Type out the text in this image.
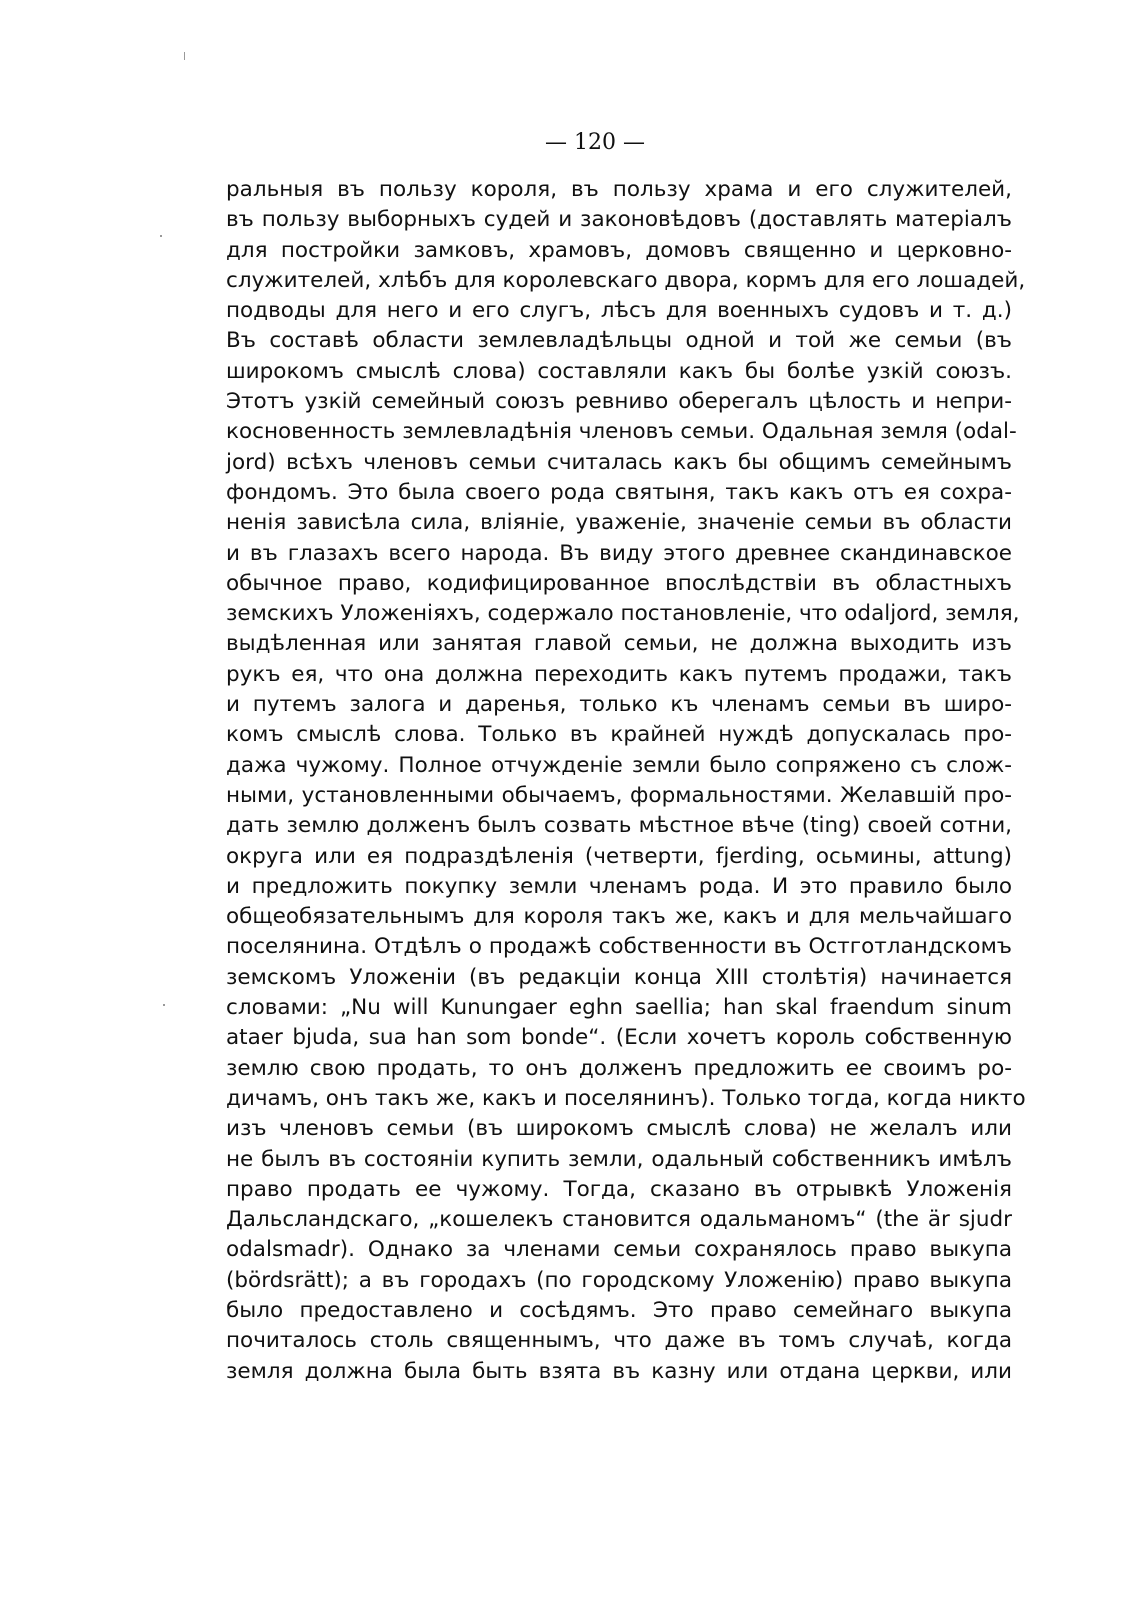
— 120 —
ральныя въ пользу короля, въ пользу храма и его служителей,
въ пользу выборныхъ судей и законовѣдовъ (доставлять матеріалъ
для постройки замковъ, храмовъ, домовъ священно и церковно-
служителей, хлѣбъ для королевскаго двора, кормъ для его лошадей,
подводы для него и его слугъ, лѣсъ для военныхъ судовъ и т. д.)
Въ составѣ области землевладѣльцы одной и той же семьи (въ
широкомъ смыслѣ слова) составляли какъ бы болѣе узкій союзъ.
Этотъ узкій семейный союзъ ревниво оберегалъ цѣлость и непри-
косновенность землевладѣнія членовъ семьи. Одальная земля (odal-
jord) всѣхъ членовъ семьи считалась какъ бы общимъ семейнымъ
фондомъ. Это была своего рода святыня, такъ какъ отъ ея сохра-
ненія зависѣла сила, вліяніе, уваженіе, значеніе семьи въ области
и въ глазахъ всего народа. Въ виду этого древнее скандинавское
обычное право, кодифицированное впослѣдствіи въ областныхъ
земскихъ Уложеніяхъ, содержало постановленіе, что odaljord, земля,
выдѣленная или занятая главой семьи, не должна выходить изъ
рукъ ея, что она должна переходить какъ путемъ продажи, такъ
и путемъ залога и даренья, только къ членамъ семьи въ широ-
комъ смыслѣ слова. Только въ крайней нуждѣ допускалась про-
дажа чужому. Полное отчужденіе земли было сопряжено съ слож-
ными, установленными обычаемъ, формальностями. Желавшій про-
дать землю долженъ былъ созвать мѣстное вѣче (ting) своей сотни,
округа или ея подраздѣленія (четверти, fjerding, осьмины, attung)
и предложить покупку земли членамъ рода. И это правило было
общеобязательнымъ для короля такъ же, какъ и для мельчайшаго
поселянина. Отдѣлъ о продажѣ собственности въ Остготландскомъ
земскомъ Уложеніи (въ редакціи конца XIII столѣтія) начинается
словами: „Nu will Kunungaer eghn saellia; han skal fraendum sinum
ataer bjuda, sua han som bonde“. (Если хочетъ король собственную
землю свою продать, то онъ долженъ предложить ее своимъ ро-
дичамъ, онъ такъ же, какъ и поселянинъ). Только тогда, когда никто
изъ членовъ семьи (въ широкомъ смыслѣ слова) не желалъ или
не былъ въ состояніи купить земли, одальный собственникъ имѣлъ
право продать ее чужому. Тогда, сказано въ отрывкѣ Уложенія
Дальсландскаго, „кошелекъ становится одальманомъ“ (the är sjudr
odalsmadr). Однако за членами семьи сохранялось право выкупа
(bördsrätt); а въ городахъ (по городскому Уложенію) право выкупа
было предоставлено и сосѣдямъ. Это право семейнаго выкупа
почиталось столь священнымъ, что даже въ томъ случаѣ, когда
земля должна была быть взята въ казну или отдана церкви, или
